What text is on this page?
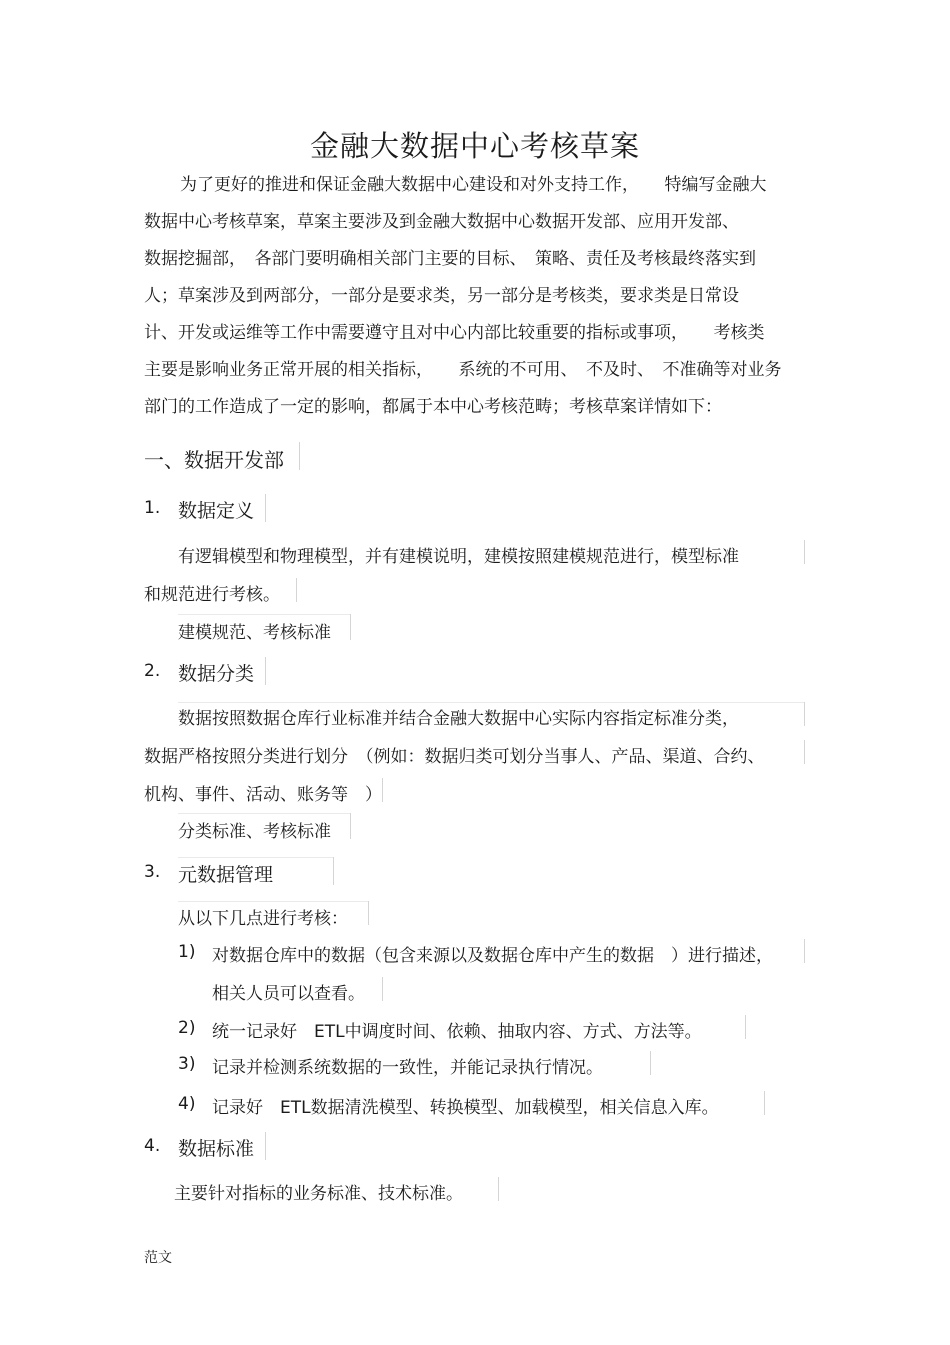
金融大数据中心考核草案
为了更好的推进和保证金融大数据中心建设和对外支持工作，　　特编写金融大
数据中心考核草案，草案主要涉及到金融大数据中心数据开发部、应用开发部、
数据挖掘部，　各部门要明确相关部门主要的目标、　策略、责任及考核最终落实到
人；草案涉及到两部分，一部分是要求类，另一部分是考核类，要求类是日常设
计、开发或运维等工作中需要遵守且对中心内部比较重要的指标或事项，　　考核类
主要是影响业务正常开展的相关指标，　　系统的不可用、　不及时、　不准确等对业务
部门的工作造成了一定的影响，都属于本中心考核范畴；考核草案详情如下：
一、数据开发部
1. 数据定义
有逻辑模型和物理模型，并有建模说明，建模按照建模规范进行，模型标准
和规范进行考核。
建模规范、考核标准
2. 数据分类
数据按照数据仓库行业标准并结合金融大数据中心实际内容指定标准分类，
数据严格按照分类进行划分　（例如：数据归类可划分当事人、产品、渠道、合约、
机构、事件、活动、账务等　）
分类标准、考核标准
3. 元数据管理
从以下几点进行考核：
1) 对数据仓库中的数据（包含来源以及数据仓库中产生的数据　）进行描述，
相关人员可以查看。
2) 统一记录好　ETL中调度时间、依赖、抽取内容、方式、方法等。
3) 记录并检测系统数据的一致性，并能记录执行情况。
4) 记录好　ETL数据清洗模型、转换模型、加载模型，相关信息入库。
4. 数据标准
主要针对指标的业务标准、技术标准。
范文
